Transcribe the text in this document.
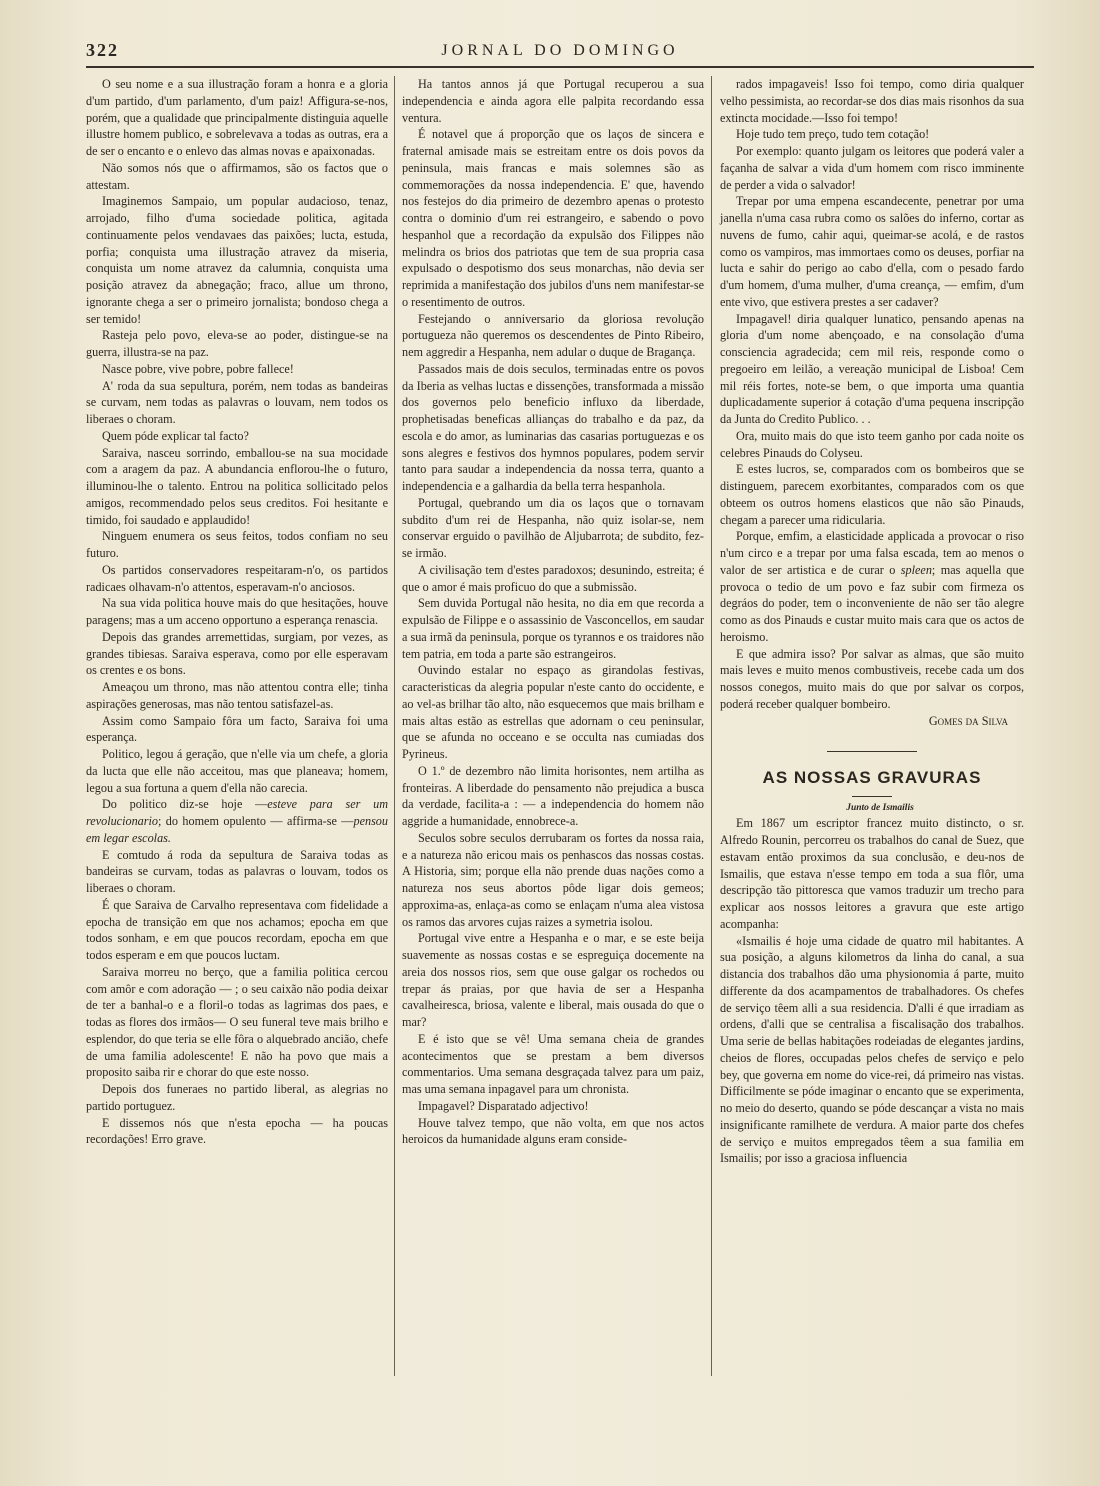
322	JORNAL DO DOMINGO

O seu nome e a sua illustração foram a honra e a gloria d'um partido, d'um parlamento, d'um paiz! Affigura-se-nos, porém, que a qualidade que principalmente distinguia aquelle illustre homem publico, e sobrelevava a todas as outras, era a de ser o encanto e o enlevo das almas novas e apaixonadas.

Não somos nós que o affirmamos, são os factos que o attestam.

Imaginemos Sampaio, um popular audacioso, tenaz, arrojado, filho d'uma sociedade politica, agitada continuamente pelos vendavaes das paixões; lucta, estuda, porfia; conquista uma illustração atravez da miseria, conquista um nome atravez da calumnia, conquista uma posição atravez da abnegação; fraco, allue um throno, ignorante chega a ser o primeiro jornalista; bondoso chega a ser temido!

Rasteja pelo povo, eleva-se ao poder, distingue-se na guerra, illustra-se na paz.

Nasce pobre, vive pobre, pobre fallece!

A' roda da sua sepultura, porém, nem todas as bandeiras se curvam, nem todas as palavras o louvam, nem todos os liberaes o choram.

Quem póde explicar tal facto?

Saraiva, nasceu sorrindo, emballou-se na sua mocidade com a aragem da paz. A abundancia enflorou-lhe o futuro, illuminou-lhe o talento. Entrou na politica sollicitado pelos amigos, recommendado pelos seus creditos. Foi hesitante e timido, foi saudado e applaudido!

Ninguem enumera os seus feitos, todos confiam no seu futuro.

Os partidos conservadores respeitaram-n'o, os partidos radicaes olhavam-n'o attentos, esperavam-n'o anciosos.

Na sua vida politica houve mais do que hesitações, houve paragens; mas a um acceno opportuno a esperança renascia.

Depois das grandes arremettidas, surgiam, por vezes, as grandes tibiesas. Saraiva esperava, como por elle esperavam os crentes e os bons.

Ameaçou um throno, mas não attentou contra elle; tinha aspirações generosas, mas não tentou satisfazel-as.

Assim como Sampaio fôra um facto, Saraiva foi uma esperança.

Politico, legou á geração, que n'elle via um chefe, a gloria da lucta que elle não acceitou, mas que planeava; homem, legou a sua fortuna a quem d'ella não carecia.

Do politico diz-se hoje —esteve para ser um revolucionario; do homem opulento — affirma-se —pensou em legar escolas.

E comtudo á roda da sepultura de Saraiva todas as bandeiras se curvam, todas as palavras o louvam, todos os liberaes o choram.

É que Saraiva de Carvalho representava com fidelidade a epocha de transição em que nos achamos; epocha em que todos sonham, e em que poucos recordam, epocha em que todos esperam e em que poucos luctam.

Saraiva morreu no berço, que a familia politica cercou com amôr e com adoração — ; o seu caixão não podia deixar de ter a banhal-o e a floril-o todas as lagrimas dos paes, e todas as flores dos irmãos— O seu funeral teve mais brilho e esplendor, do que teria se elle fôra o alquebrado ancião, chefe de uma familia adolescente! E não ha povo que mais a proposito saiba rir e chorar do que este nosso.

Depois dos funeraes no partido liberal, as alegrias no partido portuguez.

E dissemos nós que n'esta epocha — ha poucas recordações! Erro grave.

Ha tantos annos já que Portugal recuperou a sua independencia e ainda agora elle palpita recordando essa ventura.

É notavel que á proporção que os laços de sincera e fraternal amisade mais se estreitam entre os dois povos da peninsula, mais francas e mais solemnes são as commemorações da nossa independencia. E' que, havendo nos festejos do dia primeiro de dezembro apenas o protesto contra o dominio d'um rei estrangeiro, e sabendo o povo hespanhol que a recordação da expulsão dos Filippes não melindra os brios dos patriotas que tem de sua propria casa expulsado o despotismo dos seus monarchas, não devia ser reprimida a manifestação dos jubilos d'uns nem manifestar-se o resentimento de outros.

Festejando o anniversario da gloriosa revolução portugueza não queremos os descendentes de Pinto Ribeiro, nem aggredir a Hespanha, nem adular o duque de Bragança.

Passados mais de dois seculos, terminadas entre os povos da Iberia as velhas luctas e dissenções, transformada a missão dos governos pelo beneficio influxo da liberdade, prophetisadas beneficas allianças do trabalho e da paz, da escola e do amor, as luminarias das casarias portuguezas e os sons alegres e festivos dos hymnos populares, podem servir tanto para saudar a independencia da nossa terra, quanto a independencia e a galhardia da bella terra hespanhola.

Portugal, quebrando um dia os laços que o tornavam subdito d'um rei de Hespanha, não quiz isolar-se, nem conservar erguido o pavilhão de Aljubarrota; de subdito, fez-se irmão.

A civilisação tem d'estes paradoxos; desunindo, estreita; é que o amor é mais proficuo do que a submissão.

Sem duvida Portugal não hesita, no dia em que recorda a expulsão de Filippe e o assassinio de Vasconcellos, em saudar a sua irmã da peninsula, porque os tyrannos e os traidores não tem patria, em toda a parte são estrangeiros.

Ouvindo estalar no espaço as girandolas festivas, caracteristicas da alegria popular n'este canto do occidente, e ao vel-as brilhar tão alto, não esquecemos que mais brilham e mais altas estão as estrellas que adornam o ceu peninsular, que se afunda no occeano e se occulta nas cumiadas dos Pyrineus.

O 1.º de dezembro não limita horisontes, nem artilha as fronteiras. A liberdade do pensamento não prejudica a busca da verdade, facilita-a : — a independencia do homem não aggride a humanidade, ennobrece-a.

Seculos sobre seculos derrubaram os fortes da nossa raia, e a natureza não ericou mais os penhascos das nossas costas. A Historia, sim; porque ella não prende duas nações como a natureza nos seus abortos pôde ligar dois gemeos; approxima-as, enlaça-as como se enlaçam n'uma alea vistosa os ramos das arvores cujas raizes a symetria isolou.

Portugal vive entre a Hespanha e o mar, e se este beija suavemente as nossas costas e se espreguiça docemente na areia dos nossos rios, sem que ouse galgar os rochedos ou trepar ás praias, por que havia de ser a Hespanha cavalheiresca, briosa, valente e liberal, mais ousada do que o mar?

E é isto que se vê! Uma semana cheia de grandes acontecimentos que se prestam a bem diversos commentarios. Uma semana desgraçada talvez para um paiz, mas uma semana inpagavel para um chronista.

Impagavel? Disparatado adjectivo!

Houve talvez tempo, que não volta, em que nos actos heroicos da humanidade alguns eram conside-

rados impagaveis! Isso foi tempo, como diria qualquer velho pessimista, ao recordar-se dos dias mais risonhos da sua extincta mocidade.—Isso foi tempo!

Hoje tudo tem preço, tudo tem cotação!

Por exemplo: quanto julgam os leitores que poderá valer a façanha de salvar a vida d'um homem com risco imminente de perder a vida o salvador!

Trepar por uma empena escandecente, penetrar por uma janella n'uma casa rubra como os salões do inferno, cortar as nuvens de fumo, cahir aqui, queimar-se acolá, e de rastos como os vampiros, mas immortaes como os deuses, porfiar na lucta e sahir do perigo ao cabo d'ella, com o pesado fardo d'um homem, d'uma mulher, d'uma creança, — emfim, d'um ente vivo, que estivera prestes a ser cadaver?

Impagavel! diria qualquer lunatico, pensando apenas na gloria d'um nome abençoado, e na consolação d'uma consciencia agradecida; cem mil reis, responde como o pregoeiro em leilão, a vereação municipal de Lisboa! Cem mil réis fortes, note-se bem, o que importa uma quantia duplicadamente superior á cotação d'uma pequena inscripção da Junta do Credito Publico. . .

Ora, muito mais do que isto teem ganho por cada noite os celebres Pinauds do Colyseu.

E estes lucros, se, comparados com os bombeiros que se distinguem, parecem exorbitantes, comparados com os que obteem os outros homens elasticos que não são Pinauds, chegam a parecer uma ridicularia.

Porque, emfim, a elasticidade applicada a provocar o riso n'um circo e a trepar por uma falsa escada, tem ao menos o valor de ser artistica e de curar o spleen; mas aquella que provoca o tedio de um povo e faz subir com firmeza os degráos do poder, tem o inconveniente de não ser tão alegre como as dos Pinauds e custar muito mais cara que os actos de heroismo.

E que admira isso? Por salvar as almas, que são muito mais leves e muito menos combustiveis, recebe cada um dos nossos conegos, muito mais do que por salvar os corpos, poderá receber qualquer bombeiro.

Gomes da Silva

AS NOSSAS GRAVURAS

Junto de Ismailis

Em 1867 um escriptor francez muito distincto, o sr. Alfredo Rounin, percorreu os trabalhos do canal de Suez, que estavam então proximos da sua conclusão, e deu-nos de Ismailis, que estava n'esse tempo em toda a sua flôr, uma descripção tão pittoresca que vamos traduzir um trecho para explicar aos nossos leitores a gravura que este artigo acompanha:

«Ismailis é hoje uma cidade de quatro mil habitantes. A sua posição, a alguns kilometros da linha do canal, a sua distancia dos trabalhos dão uma physionomia á parte, muito differente da dos acampamentos de trabalhadores. Os chefes de serviço têem alli a sua residencia. D'alli é que irradiam as ordens, d'alli que se centralisa a fiscalisação dos trabalhos. Uma serie de bellas habitações rodeiadas de elegantes jardins, cheios de flores, occupadas pelos chefes de serviço e pelo bey, que governa em nome do vice-rei, dá primeiro nas vistas. Difficilmente se póde imaginar o encanto que se experimenta, no meio do deserto, quando se póde descançar a vista no mais insignificante ramilhete de verdura. A maior parte dos chefes de serviço e muitos empregados têem a sua familia em Ismailis; por isso a graciosa influencia
